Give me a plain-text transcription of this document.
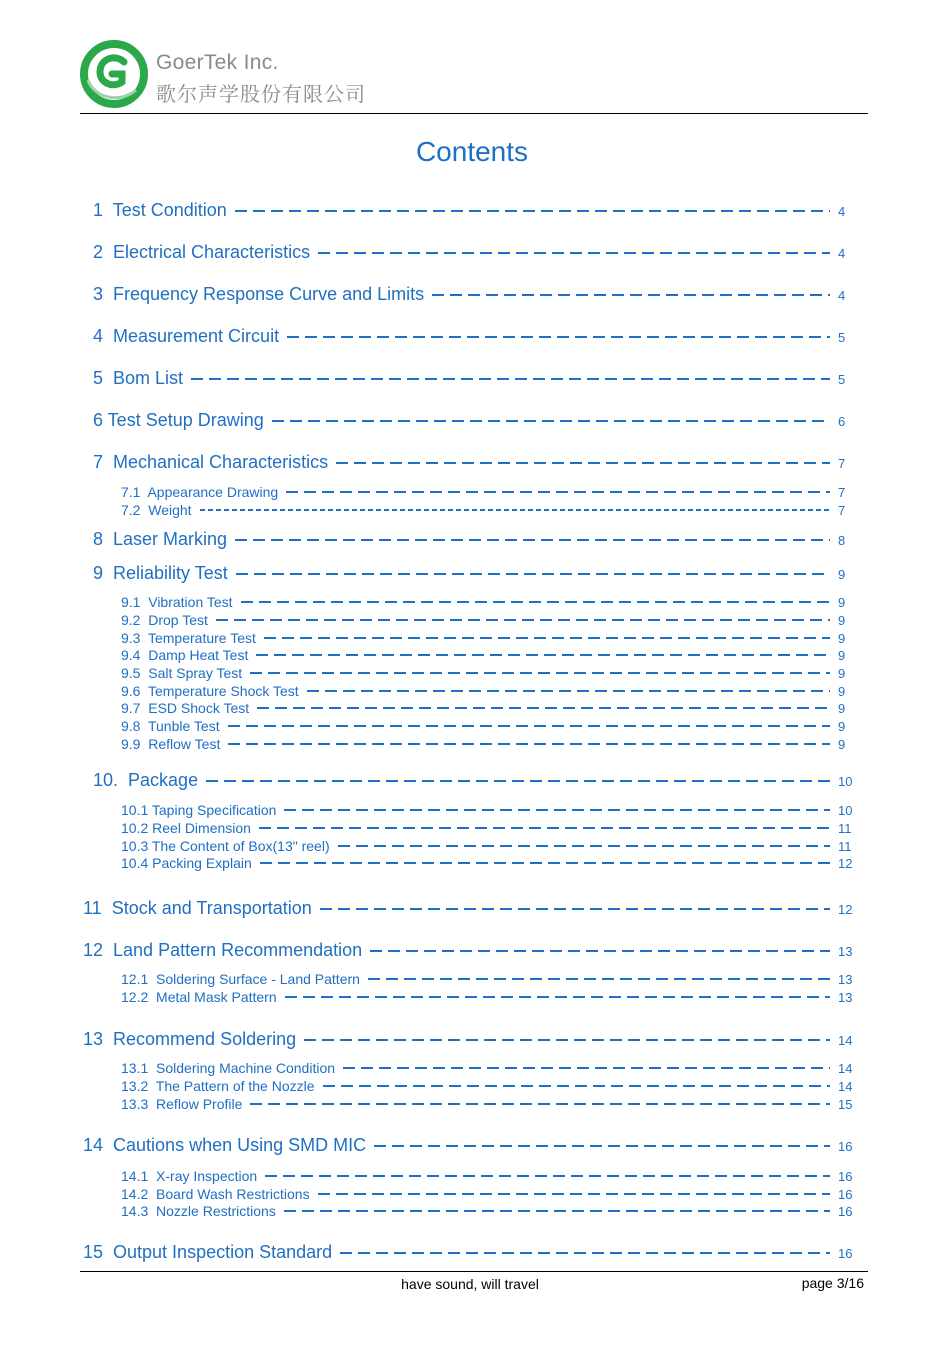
GoerTek Inc.
歌尔声学股份有限公司
Contents
1  Test Condition	4
2  Electrical Characteristics	4
3  Frequency Response Curve and Limits	4
4  Measurement Circuit	5
5  Bom List	5
6 Test Setup Drawing	6
7  Mechanical Characteristics	7
7.1  Appearance Drawing	7
7.2  Weight	7
8  Laser Marking	8
9  Reliability Test	9
9.1  Vibration Test	9
9.2  Drop Test	9
9.3  Temperature Test	9
9.4  Damp Heat Test	9
9.5  Salt Spray Test	9
9.6  Temperature Shock Test	9
9.7  ESD Shock Test	9
9.8  Tunble Test	9
9.9  Reflow Test	9
10.  Package	10
10.1 Taping Specification	10
10.2 Reel Dimension	11
10.3 The Content of Box(13" reel)	11
10.4 Packing Explain	12
11  Stock and Transportation	12
12  Land Pattern Recommendation	13
12.1  Soldering Surface - Land Pattern	13
12.2  Metal Mask Pattern	13
13  Recommend Soldering	14
13.1  Soldering Machine Condition	14
13.2  The Pattern of the Nozzle	14
13.3  Reflow Profile	15
14  Cautions when Using SMD MIC	16
14.1  X-ray Inspection	16
14.2  Board Wash Restrictions	16
14.3  Nozzle Restrictions	16
15  Output Inspection Standard	16
have sound, will travel	page 3/16
